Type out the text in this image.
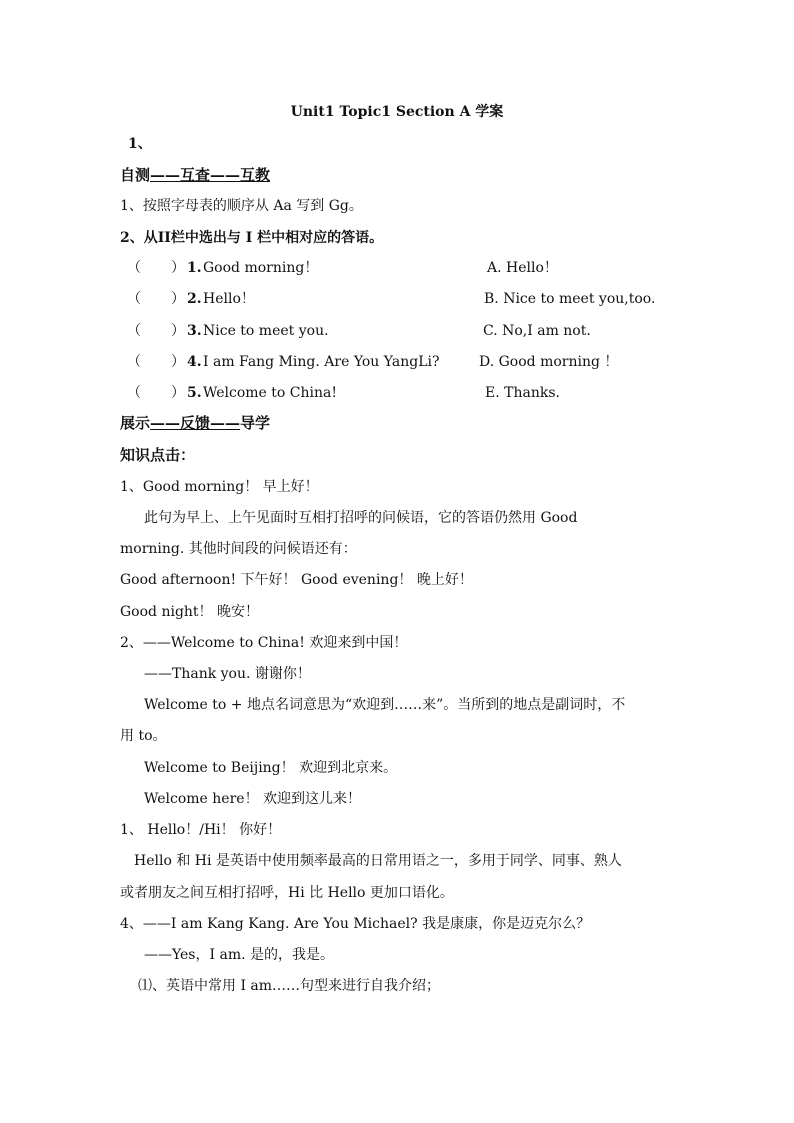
Unit1 Topic1 Section A 学案
1、
自测——互查——互教
1、按照字母表的顺序从 Aa 写到 Gg。
2、从II栏中选出与 I 栏中相对应的答语。
（ ） 1. Good morning！	A. Hello！
（ ） 2. Hello！	B. Nice to meet you,too.
（ ） 3. Nice to meet you.	C. No,I am not.
（ ） 4. I am Fang Ming. Are You YangLi?	D. Good morning ！
（ ） 5. Welcome to China!	E. Thanks.
展示——反馈——导学
知识点击：
1、Good morning！ 早上好！
此句为早上、上午见面时互相打招呼的问候语，它的答语仍然用 Good
morning. 其他时间段的问候语还有：
Good afternoon! 下午好！ Good evening！ 晚上好！
Good night！ 晚安！
2、——Welcome to China! 欢迎来到中国！
——Thank you. 谢谢你！
Welcome to + 地点名词意思为“欢迎到……来”。当所到的地点是副词时，不
用 to。
Welcome to Beijing！ 欢迎到北京来。
Welcome here！ 欢迎到这儿来！
1、 Hello！/Hi！ 你好！
Hello 和 Hi 是英语中使用频率最高的日常用语之一，多用于同学、同事、熟人
或者朋友之间互相打招呼，Hi 比 Hello 更加口语化。
4、——I am Kang Kang. Are You Michael? 我是康康，你是迈克尔么？
——Yes，I am. 是的，我是。
⑴、英语中常用 I am……句型来进行自我介绍；
